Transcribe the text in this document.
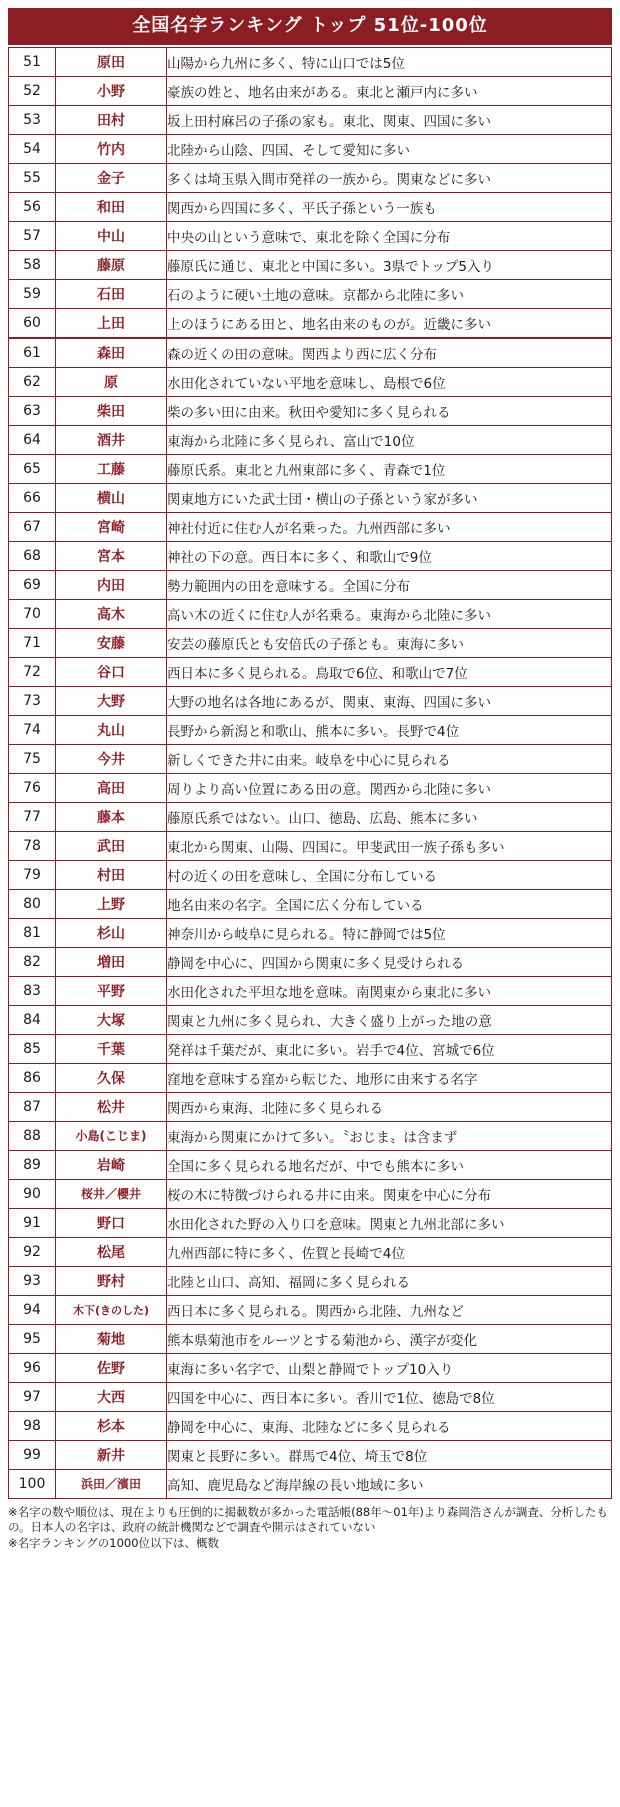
全国名字ランキング トップ 51位-100位
51	原田	山陽から九州に多く、特に山口では5位
52	小野	豪族の姓と、地名由来がある。東北と瀬戸内に多い
53	田村	坂上田村麻呂の子孫の家も。東北、関東、四国に多い
54	竹内	北陸から山陰、四国、そして愛知に多い
55	金子	多くは埼玉県入間市発祥の一族から。関東などに多い
56	和田	関西から四国に多く、平氏子孫という一族も
57	中山	中央の山という意味で、東北を除く全国に分布
58	藤原	藤原氏に通じ、東北と中国に多い。3県でトップ5入り
59	石田	石のように硬い土地の意味。京都から北陸に多い
60	上田	上のほうにある田と、地名由来のものが。近畿に多い
61	森田	森の近くの田の意味。関西より西に広く分布
62	原	水田化されていない平地を意味し、島根で6位
63	柴田	柴の多い田に由来。秋田や愛知に多く見られる
64	酒井	東海から北陸に多く見られ、富山で10位
65	工藤	藤原氏系。東北と九州東部に多く、青森で1位
66	横山	関東地方にいた武士団・横山の子孫という家が多い
67	宮崎	神社付近に住む人が名乗った。九州西部に多い
68	宮本	神社の下の意。西日本に多く、和歌山で9位
69	内田	勢力範囲内の田を意味する。全国に分布
70	高木	高い木の近くに住む人が名乗る。東海から北陸に多い
71	安藤	安芸の藤原氏とも安倍氏の子孫とも。東海に多い
72	谷口	西日本に多く見られる。鳥取で6位、和歌山で7位
73	大野	大野の地名は各地にあるが、関東、東海、四国に多い
74	丸山	長野から新潟と和歌山、熊本に多い。長野で4位
75	今井	新しくできた井に由来。岐阜を中心に見られる
76	高田	周りより高い位置にある田の意。関西から北陸に多い
77	藤本	藤原氏系ではない。山口、徳島、広島、熊本に多い
78	武田	東北から関東、山陽、四国に。甲斐武田一族子孫も多い
79	村田	村の近くの田を意味し、全国に分布している
80	上野	地名由来の名字。全国に広く分布している
81	杉山	神奈川から岐阜に見られる。特に静岡では5位
82	増田	静岡を中心に、四国から関東に多く見受けられる
83	平野	水田化された平坦な地を意味。南関東から東北に多い
84	大塚	関東と九州に多く見られ、大きく盛り上がった地の意
85	千葉	発祥は千葉だが、東北に多い。岩手で4位、宮城で6位
86	久保	窪地を意味する窪から転じた、地形に由来する名字
87	松井	関西から東海、北陸に多く見られる
88	小島(こじま)	東海から関東にかけて多い。〝おじま〟は含まず
89	岩崎	全国に多く見られる地名だが、中でも熊本に多い
90	桜井／櫻井	桜の木に特徴づけられる井に由来。関東を中心に分布
91	野口	水田化された野の入り口を意味。関東と九州北部に多い
92	松尾	九州西部に特に多く、佐賀と長崎で4位
93	野村	北陸と山口、高知、福岡に多く見られる
94	木下(きのした)	西日本に多く見られる。関西から北陸、九州など
95	菊地	熊本県菊池市をルーツとする菊池から、漢字が変化
96	佐野	東海に多い名字で、山梨と静岡でトップ10入り
97	大西	四国を中心に、西日本に多い。香川で1位、徳島で8位
98	杉本	静岡を中心に、東海、北陸などに多く見られる
99	新井	関東と長野に多い。群馬で4位、埼玉で8位
100	浜田／濱田	高知、鹿児島など海岸線の長い地域に多い
※名字の数や順位は、現在よりも圧倒的に掲載数が多かった電話帳(88年〜01年)より森岡浩さんが調査、分析したもの。日本人の名字は、政府の統計機関などで調査や開示はされていない
※名字ランキングの1000位以下は、概数
